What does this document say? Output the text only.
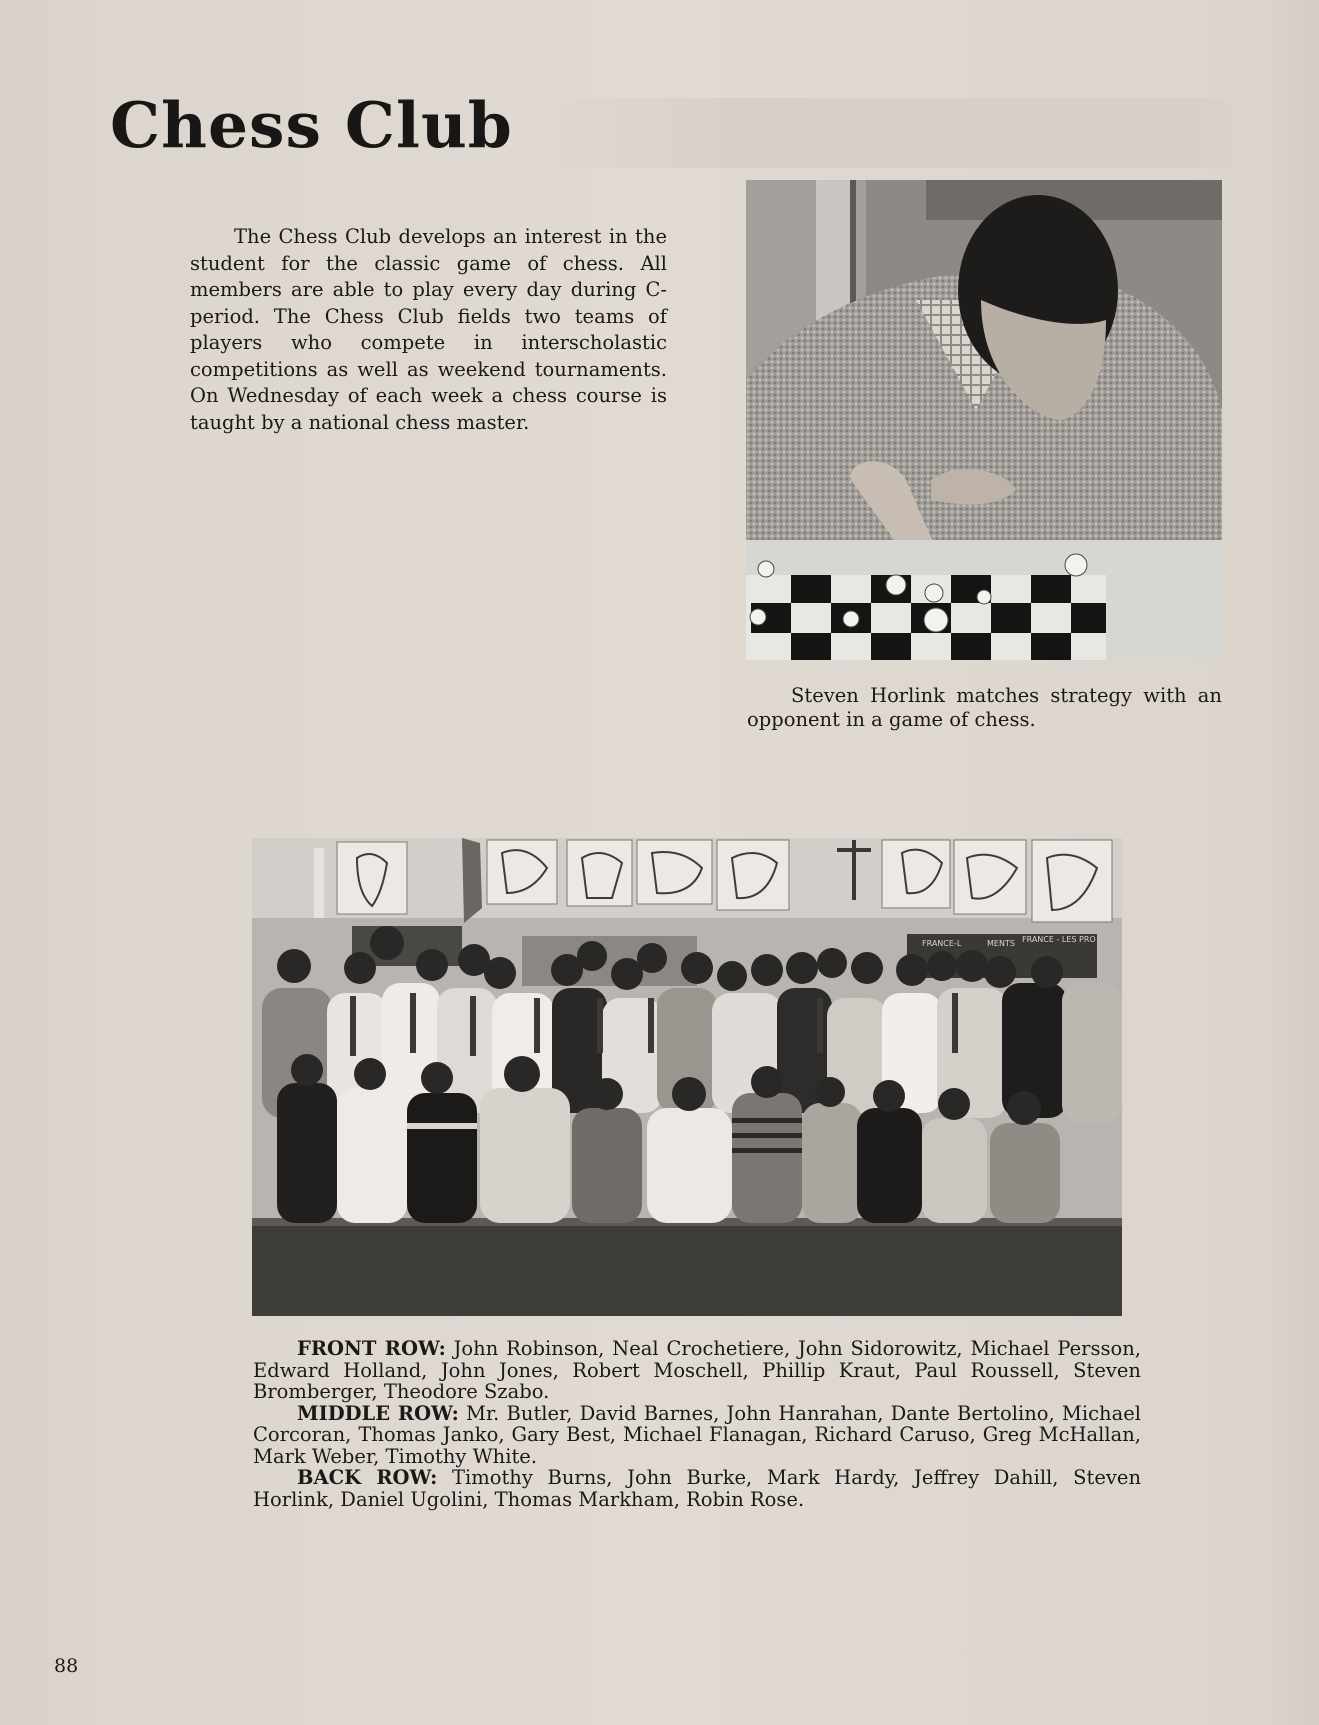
Chess Club

The Chess Club develops an interest in the student for the classic game of chess. All members are able to play every day during C-period. The Chess Club fields two teams of players who compete in interscholastic competitions as well as weekend tournaments. On Wednesday of each week a chess course is taught by a national chess master.

Steven Horlink matches strategy with an opponent in a game of chess.

FRANCE-L	MENTS FRANCE - LES PRO

FRONT ROW: John Robinson, Neal Crochetiere, John Sidorowitz, Michael Persson, Edward Holland, John Jones, Robert Moschell, Phillip Kraut, Paul Roussell, Steven Bromberger, Theodore Szabo.

MIDDLE ROW: Mr. Butler, David Barnes, John Hanrahan, Dante Bertolino, Michael Corcoran, Thomas Janko, Gary Best, Michael Flanagan, Richard Caruso, Greg McHallan, Mark Weber, Timothy White.

BACK ROW: Timothy Burns, John Burke, Mark Hardy, Jeffrey Dahill, Steven Horlink, Daniel Ugolini, Thomas Markham, Robin Rose.

88
